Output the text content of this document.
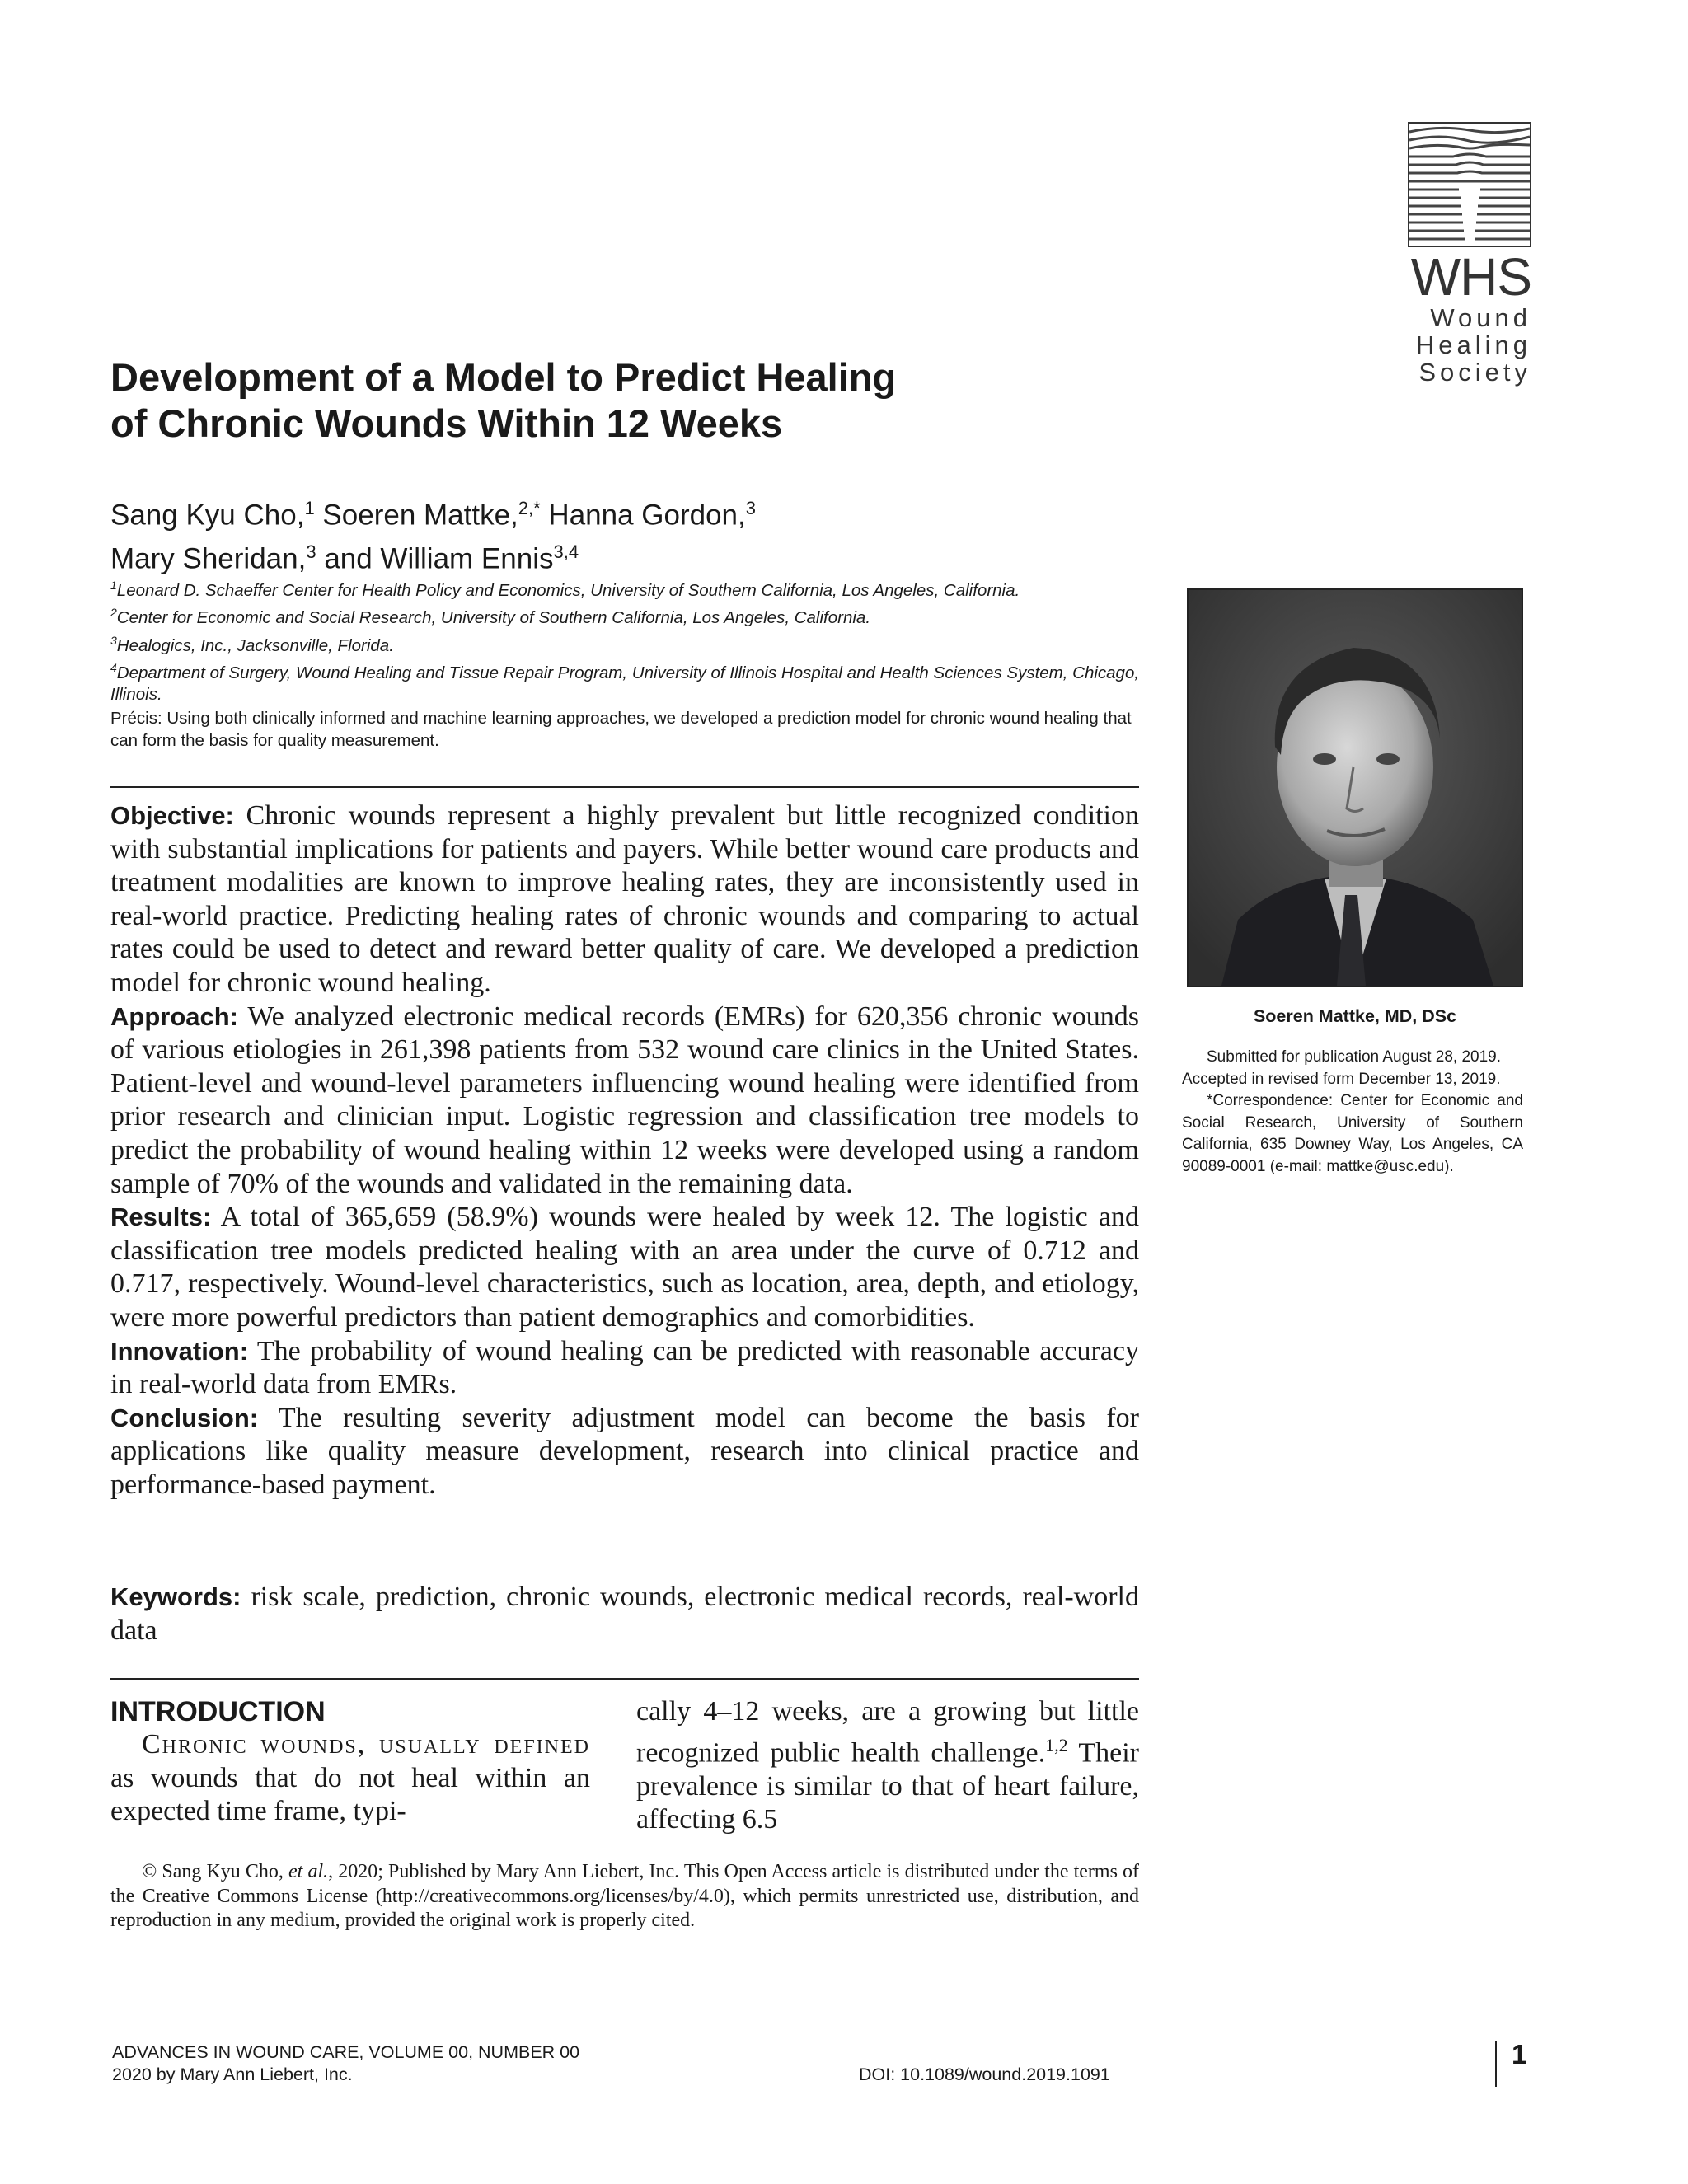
WHS
Wound
Healing
Society
Development of a Model to Predict Healing
of Chronic Wounds Within 12 Weeks
Sang Kyu Cho,$^1$ Soeren Mattke,$^{2,*}$ Hanna Gordon,$^3$
Mary Sheridan,$^3$ and William Ennis$^{3,4}$
$^1$Leonard D. Schaeffer Center for Health Policy and Economics, University of Southern California, Los Angeles, California.
$^2$Center for Economic and Social Research, University of Southern California, Los Angeles, California.
$^3$Healogics, Inc., Jacksonville, Florida.
$^4$Department of Surgery, Wound Healing and Tissue Repair Program, University of Illinois Hospital and Health Sciences System, Chicago, Illinois.
Précis: Using both clinically informed and machine learning approaches, we developed a prediction model for chronic wound healing that can form the basis for quality measurement.

Objective: Chronic wounds represent a highly prevalent but little recognized condition with substantial implications for patients and payers. While better wound care products and treatment modalities are known to improve healing rates, they are inconsistently used in real-world practice. Predicting healing rates of chronic wounds and comparing to actual rates could be used to detect and reward better quality of care. We developed a prediction model for chronic wound healing.

Approach: We analyzed electronic medical records (EMRs) for 620,356 chronic wounds of various etiologies in 261,398 patients from 532 wound care clinics in the United States. Patient-level and wound-level parameters influencing wound healing were identified from prior research and clinician input. Logistic regression and classification tree models to predict the probability of wound healing within 12 weeks were developed using a random sample of 70% of the wounds and validated in the remaining data.

Results: A total of 365,659 (58.9%) wounds were healed by week 12. The logistic and classification tree models predicted healing with an area under the curve of 0.712 and 0.717, respectively. Wound-level characteristics, such as location, area, depth, and etiology, were more powerful predictors than patient demographics and comorbidities.

Innovation: The probability of wound healing can be predicted with reasonable accuracy in real-world data from EMRs.

Conclusion: The resulting severity adjustment model can become the basis for applications like quality measure development, research into clinical practice and performance-based payment.

Keywords: risk scale, prediction, chronic wounds, electronic medical records, real-world data
INTRODUCTION

Chronic wounds, usually defined as wounds that do not heal within an expected time frame, typi-

cally 4–12 weeks, are a growing but little recognized public health challenge.$^{1,2}$ Their prevalence is similar to that of heart failure, affecting 6.5

© Sang Kyu Cho, et al., 2020; Published by Mary Ann Liebert, Inc. This Open Access article is distributed under the terms of the Creative Commons License (http://creativecommons.org/licenses/by/4.0), which permits unrestricted use, distribution, and reproduction in any medium, provided the original work is properly cited.
ADVANCES IN WOUND CARE, VOLUME 00, NUMBER 00
2020 by Mary Ann Liebert, Inc.	DOI: 10.1089/wound.2019.1091
1
Soeren Mattke, MD, DSc

Submitted for publication August 28, 2019.

Accepted in revised form December 13, 2019.

*Correspondence: Center for Economic and Social Research, University of Southern California, 635 Downey Way, Los Angeles, CA 90089-0001 (e-mail: mattke@usc.edu).
